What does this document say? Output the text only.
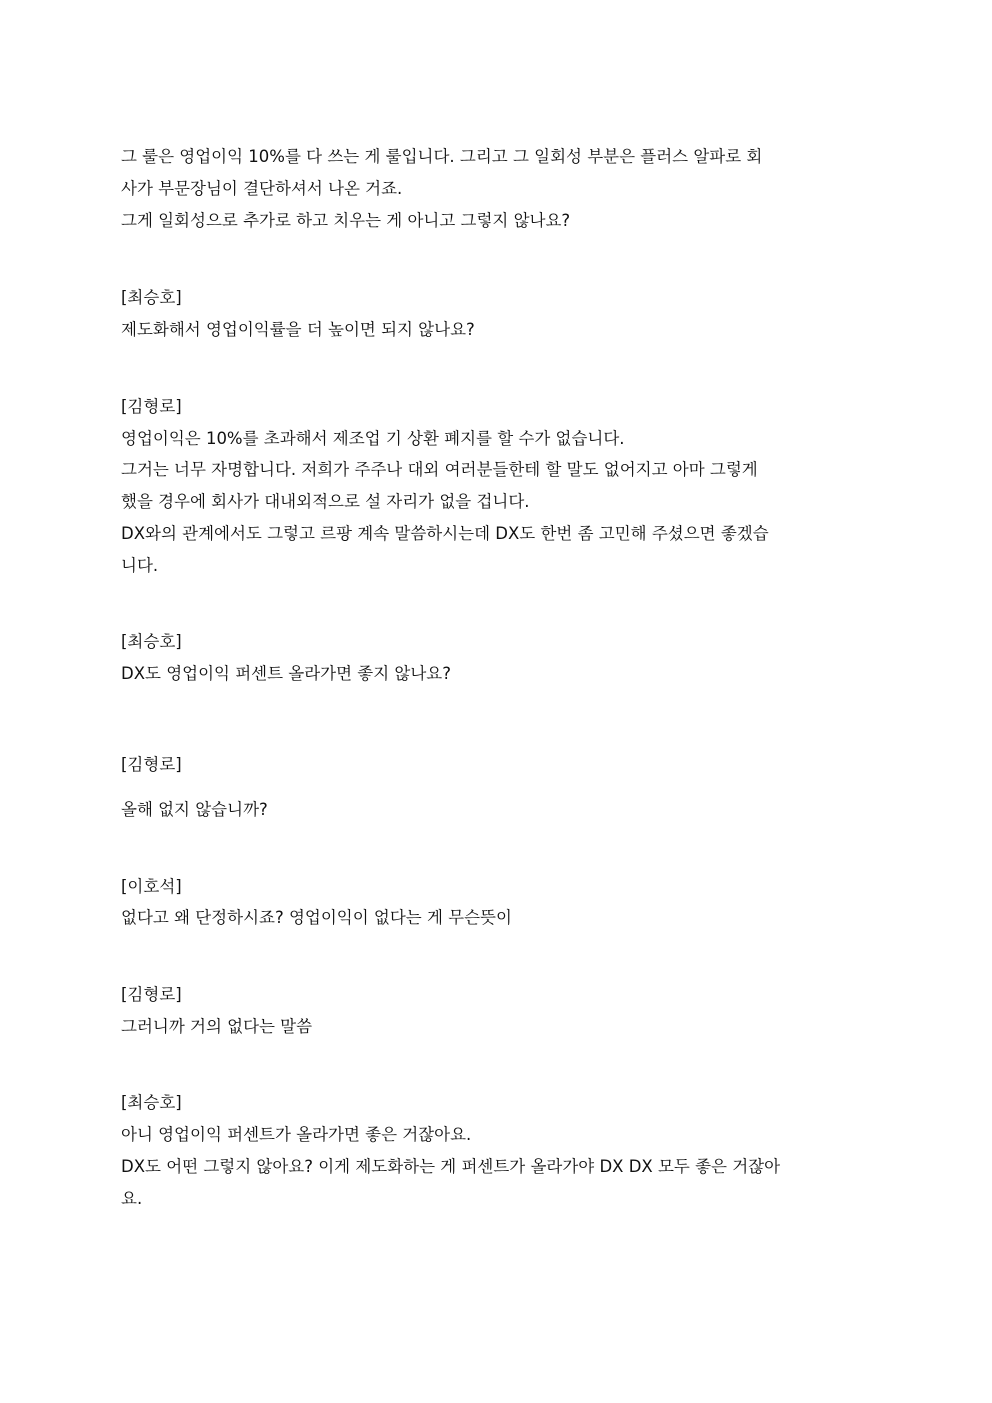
그 룰은 영업이익 10%를 다 쓰는 게 룰입니다. 그리고 그 일회성 부분은 플러스 알파로 회
사가 부문장님이 결단하셔서 나온 거죠.
그게 일회성으로 추가로 하고 치우는 게 아니고 그렇지 않나요?
[최승호]
제도화해서 영업이익률을 더 높이면 되지 않나요?
[김형로]
영업이익은 10%를 초과해서 제조업 기 상환 폐지를 할 수가 없습니다.
그거는 너무 자명합니다. 저희가 주주나 대외 여러분들한테 할 말도 없어지고 아마 그렇게
했을 경우에 회사가 대내외적으로 설 자리가 없을 겁니다.
DX와의 관계에서도 그렇고 르팡 계속 말씀하시는데 DX도 한번 좀 고민해 주셨으면 좋겠습
니다.
[최승호]
DX도 영업이익 퍼센트 올라가면 좋지 않나요?
[김형로]
올해 없지 않습니까?
[이호석]
없다고 왜 단정하시죠? 영업이익이 없다는 게 무슨뜻이
[김형로]
그러니까 거의 없다는 말씀
[최승호]
아니 영업이익 퍼센트가 올라가면 좋은 거잖아요.
DX도 어떤 그렇지 않아요? 이게 제도화하는 게 퍼센트가 올라가야 DX DX 모두 좋은 거잖아
요.
